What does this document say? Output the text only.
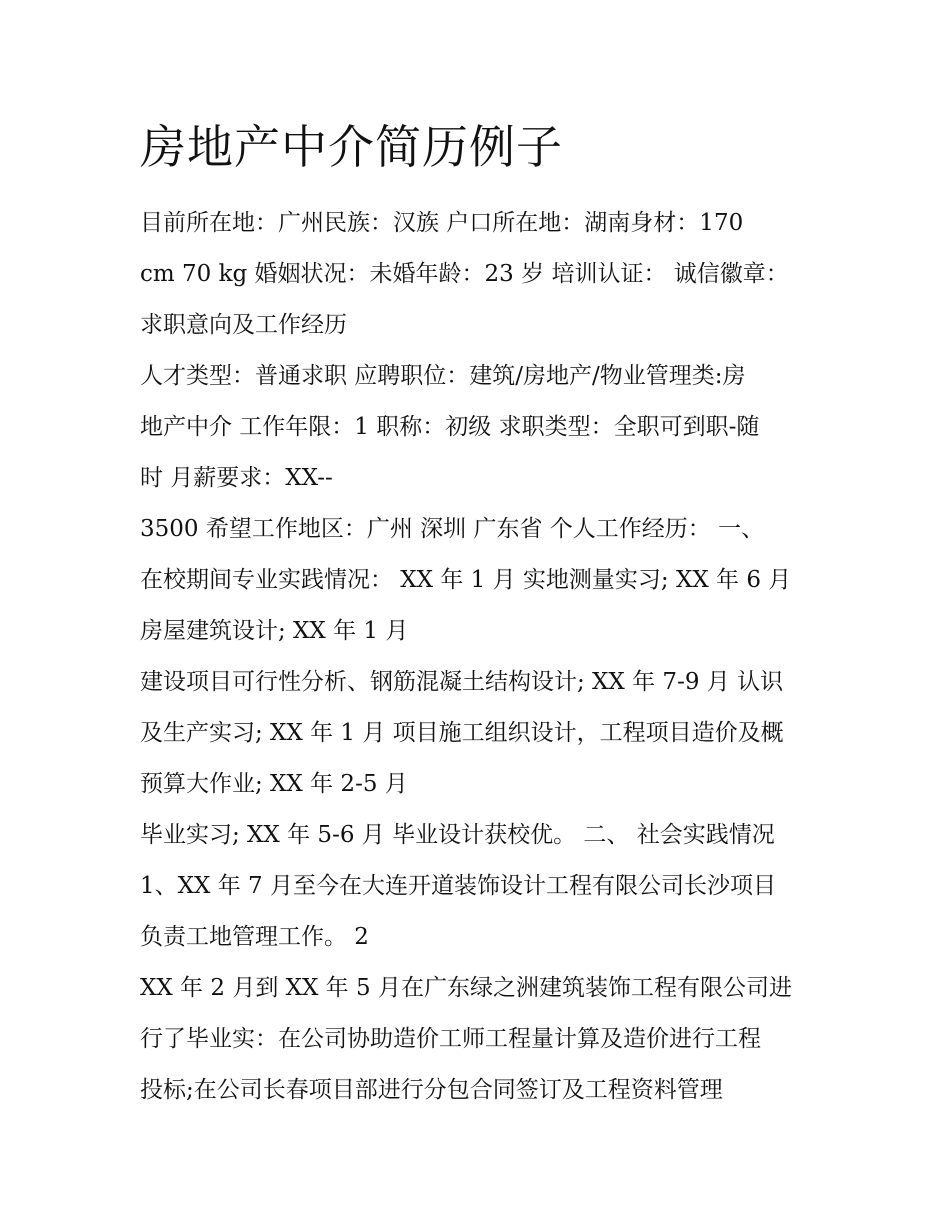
房地产中介简历例子
目前所在地：广州民族：汉族 户口所在地：湖南身材：170
cm 70 kg 婚姻状况：未婚年龄：23 岁 培训认证： 诚信徽章：
求职意向及工作经历
人才类型：普通求职 应聘职位：建筑/房地产/物业管理类:房
地产中介 工作年限：1 职称：初级 求职类型：全职可到职-随
时 月薪要求：XX--
3500 希望工作地区：广州 深圳 广东省 个人工作经历： 一、
在校期间专业实践情况： XX 年 1 月 实地测量实习; XX 年 6 月
房屋建筑设计; XX 年 1 月
建设项目可行性分析、钢筋混凝土结构设计; XX 年 7-9 月 认识
及生产实习; XX 年 1 月 项目施工组织设计，工程项目造价及概
预算大作业; XX 年 2-5 月
毕业实习; XX 年 5-6 月 毕业设计获校优。 二、 社会实践情况
1、XX 年 7 月至今在大连开道装饰设计工程有限公司长沙项目
负责工地管理工作。 2
XX 年 2 月到 XX 年 5 月在广东绿之洲建筑装饰工程有限公司进
行了毕业实：在公司协助造价工师工程量计算及造价进行工程
投标;在公司长春项目部进行分包合同签订及工程资料管理
